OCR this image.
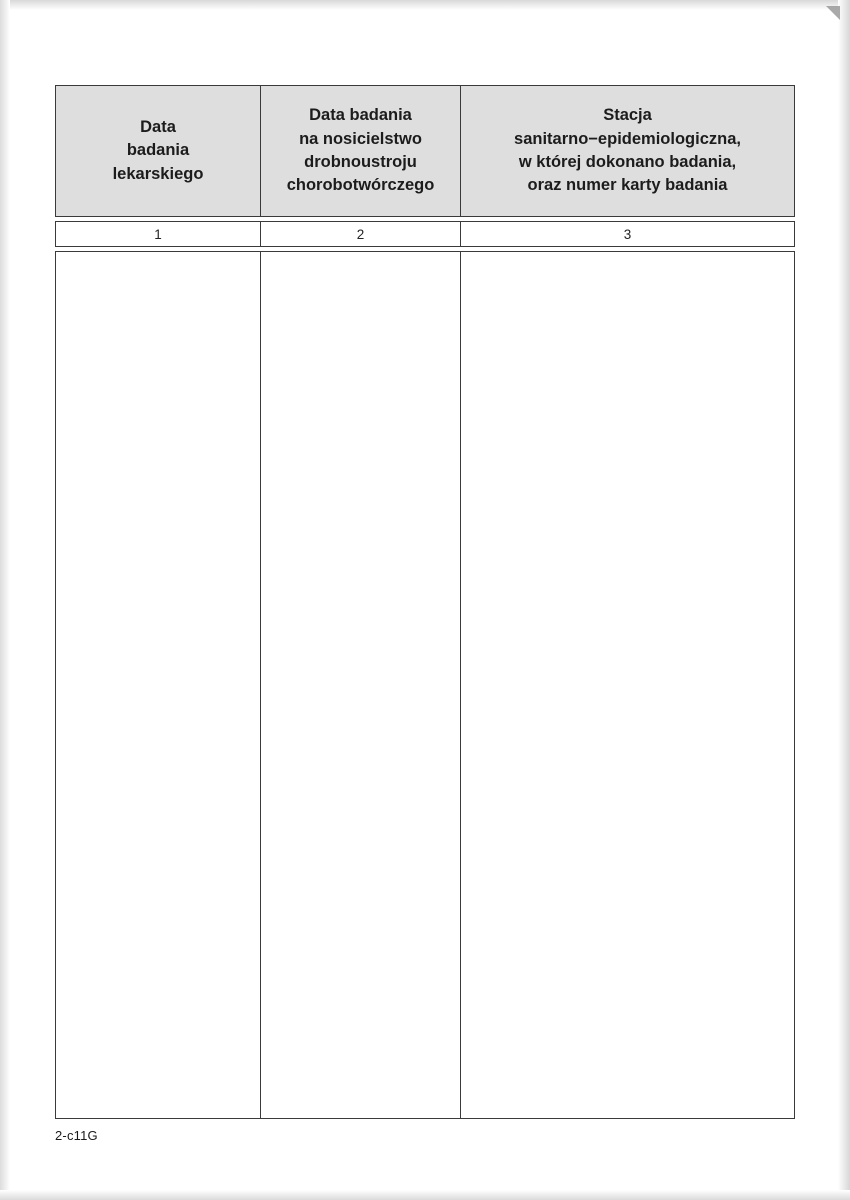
Data
badania
lekarskiego
Data badania
na nosicielstwo
drobnoustroju
chorobotwórczego
Stacja
sanitarno−epidemiologiczna,
w której dokonano badania,
oraz numer karty badania
1	2	3
2-c11G
